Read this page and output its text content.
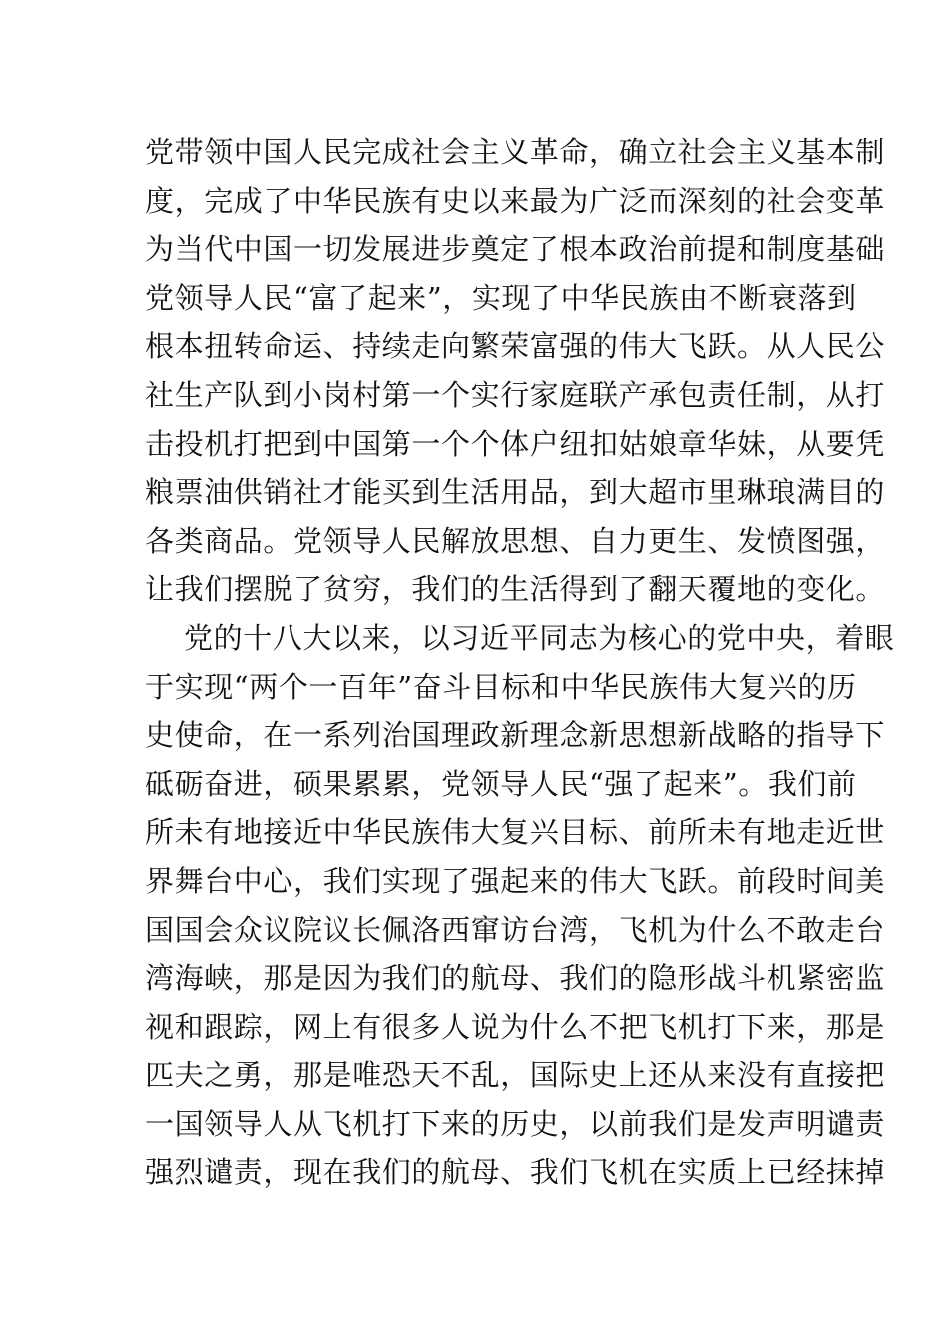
党带领中国人民完成社会主义革命，确立社会主义基本制
度，完成了中华民族有史以来最为广泛而深刻的社会变革
为当代中国一切发展进步奠定了根本政治前提和制度基础
党领导人民“富了起来”，实现了中华民族由不断衰落到
根本扭转命运、持续走向繁荣富强的伟大飞跃。从人民公
社生产队到小岗村第一个实行家庭联产承包责任制，从打
击投机打把到中国第一个个体户纽扣姑娘章华妹，从要凭
粮票油供销社才能买到生活用品，到大超市里琳琅满目的
各类商品。党领导人民解放思想、自力更生、发愤图强，
让我们摆脱了贫穷，我们的生活得到了翻天覆地的变化。
党的十八大以来，以习近平同志为核心的党中央，着眼
于实现“两个一百年”奋斗目标和中华民族伟大复兴的历
史使命，在一系列治国理政新理念新思想新战略的指导下
砥砺奋进，硕果累累，党领导人民“强了起来”。我们前
所未有地接近中华民族伟大复兴目标、前所未有地走近世
界舞台中心，我们实现了强起来的伟大飞跃。前段时间美
国国会众议院议长佩洛西窜访台湾，飞机为什么不敢走台
湾海峡，那是因为我们的航母、我们的隐形战斗机紧密监
视和跟踪，网上有很多人说为什么不把飞机打下来，那是
匹夫之勇，那是唯恐天不乱，国际史上还从来没有直接把
一国领导人从飞机打下来的历史，以前我们是发声明谴责
强烈谴责，现在我们的航母、我们飞机在实质上已经抹掉
